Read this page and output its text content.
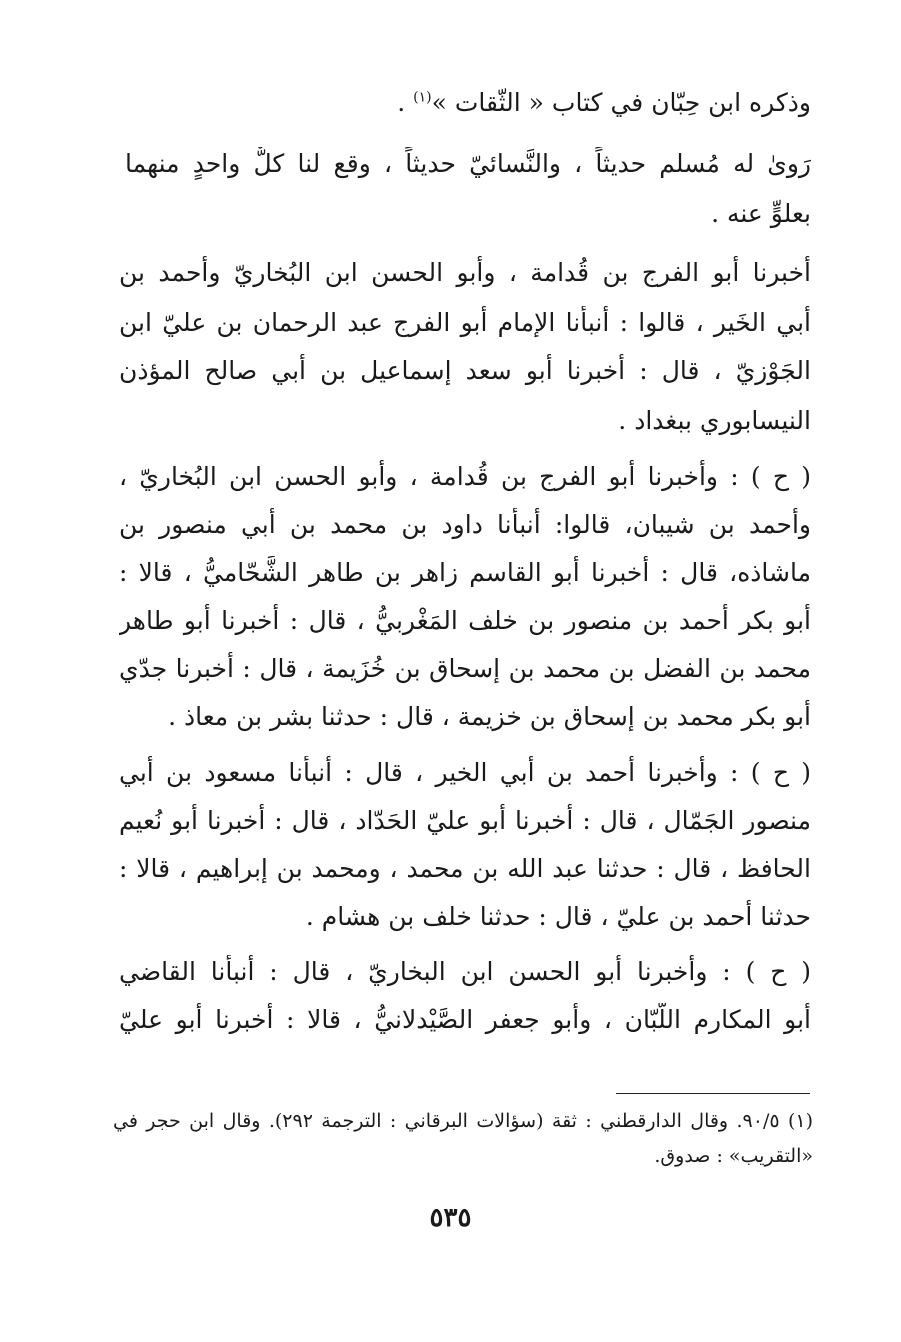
وذكره ابن حِبّان في كتاب « الثّقات »$^{(١)}$ .
رَوىٰ له مُسلم حديثاً ، والنَّسائيّ حديثاً ، وقع لنا كلٌّ واحدٍ منهما
بعلوٍّ عنه .
أخبرنا أبو الفرج بن قُدامة ، وأبو الحسن ابن البُخاريّ وأحمد بن
أبي الخَير ، قالوا : أنبأنا الإمام أبو الفرج عبد الرحمان بن عليّ ابن
الجَوْزيّ ، قال : أخبرنا أبو سعد إسماعيل بن أبي صالح المؤذن
النيسابوري ببغداد .
( ح ) : وأخبرنا أبو الفرج بن قُدامة ، وأبو الحسن ابن البُخاريّ ،
وأحمد بن شيبان، قالوا: أنبأنا داود بن محمد بن أبي منصور بن
ماشاذه، قال : أخبرنا أبو القاسم زاهر بن طاهر الشَّحّاميُّ ، قالا :
أبو بكر أحمد بن منصور بن خلف المَغْربيُّ ، قال : أخبرنا أبو طاهر
محمد بن الفضل بن محمد بن إسحاق بن خُزَيمة ، قال : أخبرنا جدّي
أبو بكر محمد بن إسحاق بن خزيمة ، قال : حدثنا بشر بن معاذ .
( ح ) : وأخبرنا أحمد بن أبي الخير ، قال : أنبأنا مسعود بن أبي
منصور الجَمّال ، قال : أخبرنا أبو عليّ الحَدّاد ، قال : أخبرنا أبو نُعيم
الحافظ ، قال : حدثنا عبد الله بن محمد ، ومحمد بن إبراهيم ، قالا :
حدثنا أحمد بن عليّ ، قال : حدثنا خلف بن هشام .
( ح ) : وأخبرنا أبو الحسن ابن البخاريّ ، قال : أنبأنا القاضي
أبو المكارم اللّبّان ، وأبو جعفر الصَّيْدلانيُّ ، قالا : أخبرنا أبو عليّ
(١) ٩٠/٥. وقال الدارقطني : ثقة (سؤالات البرقاني : الترجمة ٢٩٢). وقال ابن حجر في
«التقريب» : صدوق.
٥٣٥
